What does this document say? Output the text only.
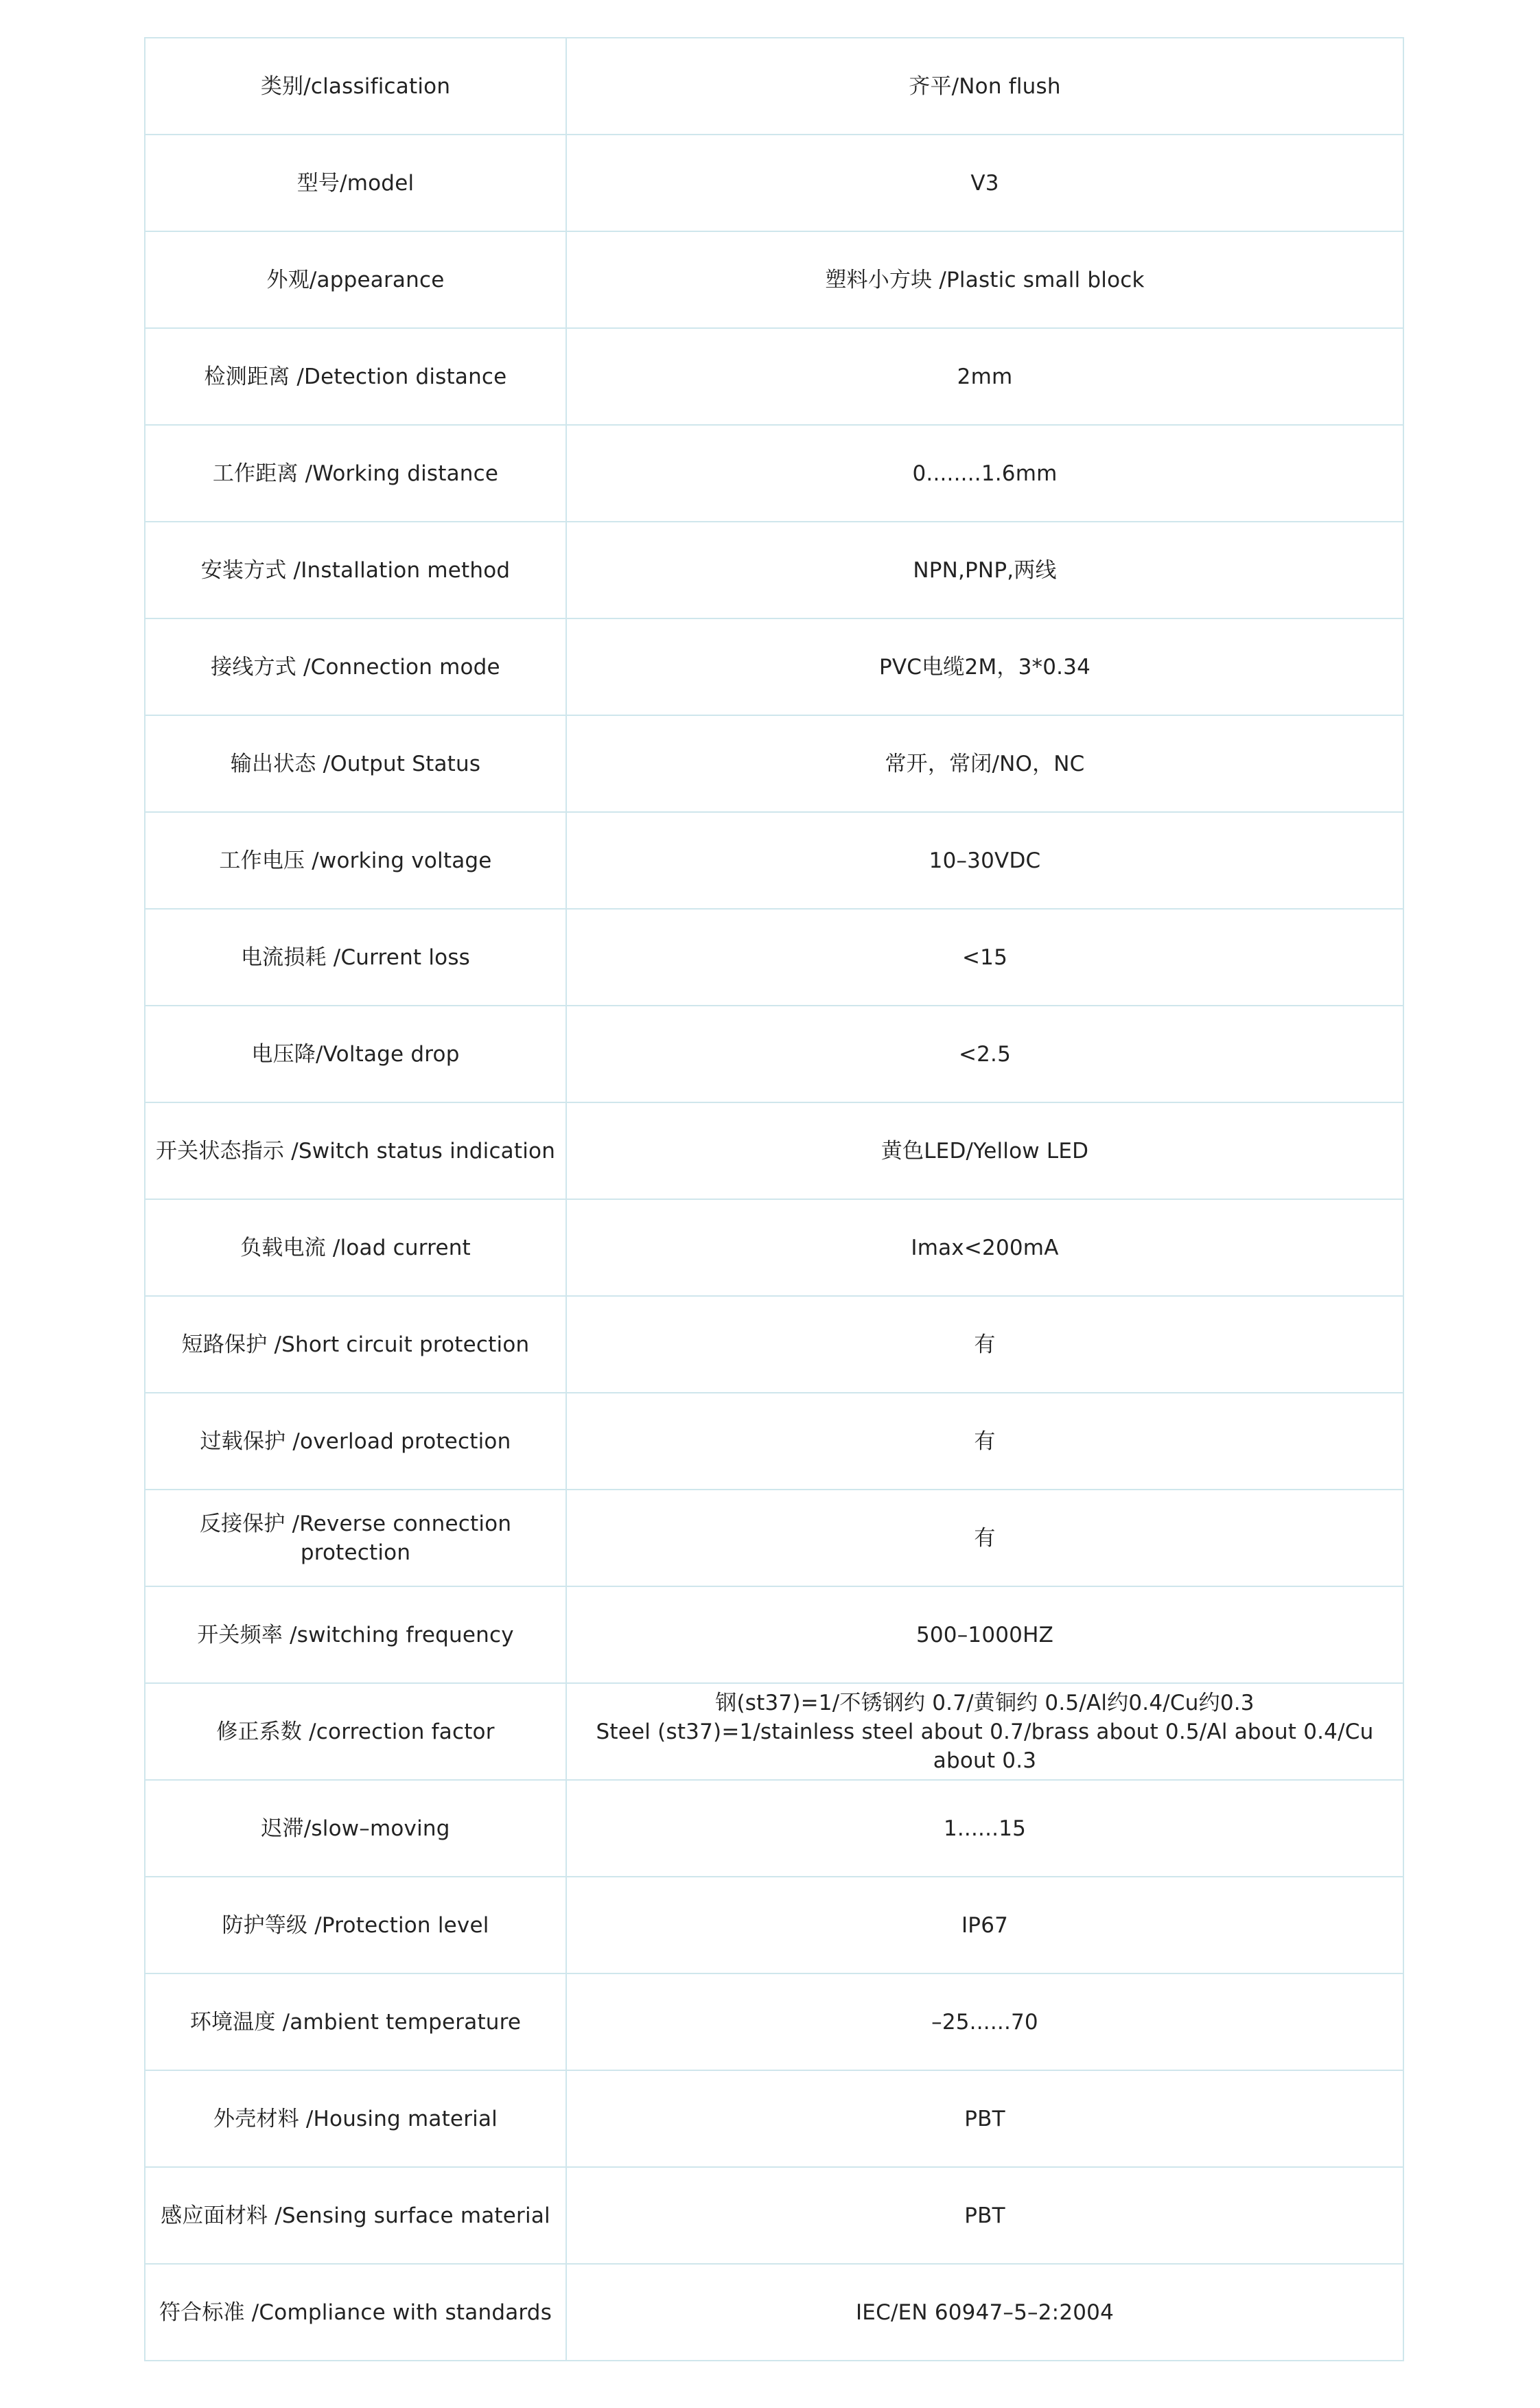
类别/classification	齐平/Non flush
型号/model	V3
外观/appearance	塑料小方块 /Plastic small block
检测距离 /Detection distance	2mm
工作距离 /Working distance	0........1.6mm
安装方式 /Installation method	NPN,PNP,两线
接线方式 /Connection mode	PVC电缆2M，3*0.34
输出状态 /Output Status	常开，常闭/NO，NC
工作电压 /working voltage	10–30VDC
电流损耗 /Current loss	<15
电压降/Voltage drop	<2.5
开关状态指示 /Switch status indication	黄色LED/Yellow LED
负载电流 /load current	Imax<200mA
短路保护 /Short circuit protection	有
过载保护 /overload protection	有
反接保护 /Reverse connection protection	有
开关频率 /switching frequency	500–1000HZ
修正系数 /correction factor	钢(st37)=1/不锈钢约 0.7/黄铜约 0.5/Al约0.4/Cu约0.3
Steel (st37)=1/stainless steel about 0.7/brass about 0.5/Al about 0.4/Cu about 0.3

迟滞/slow–moving	1......15
防护等级 /Protection level	IP67
环境温度 /ambient temperature	–25......70
外壳材料 /Housing material	PBT
感应面材料 /Sensing surface material	PBT
符合标准 /Compliance with standards	IEC/EN 60947–5–2:2004
